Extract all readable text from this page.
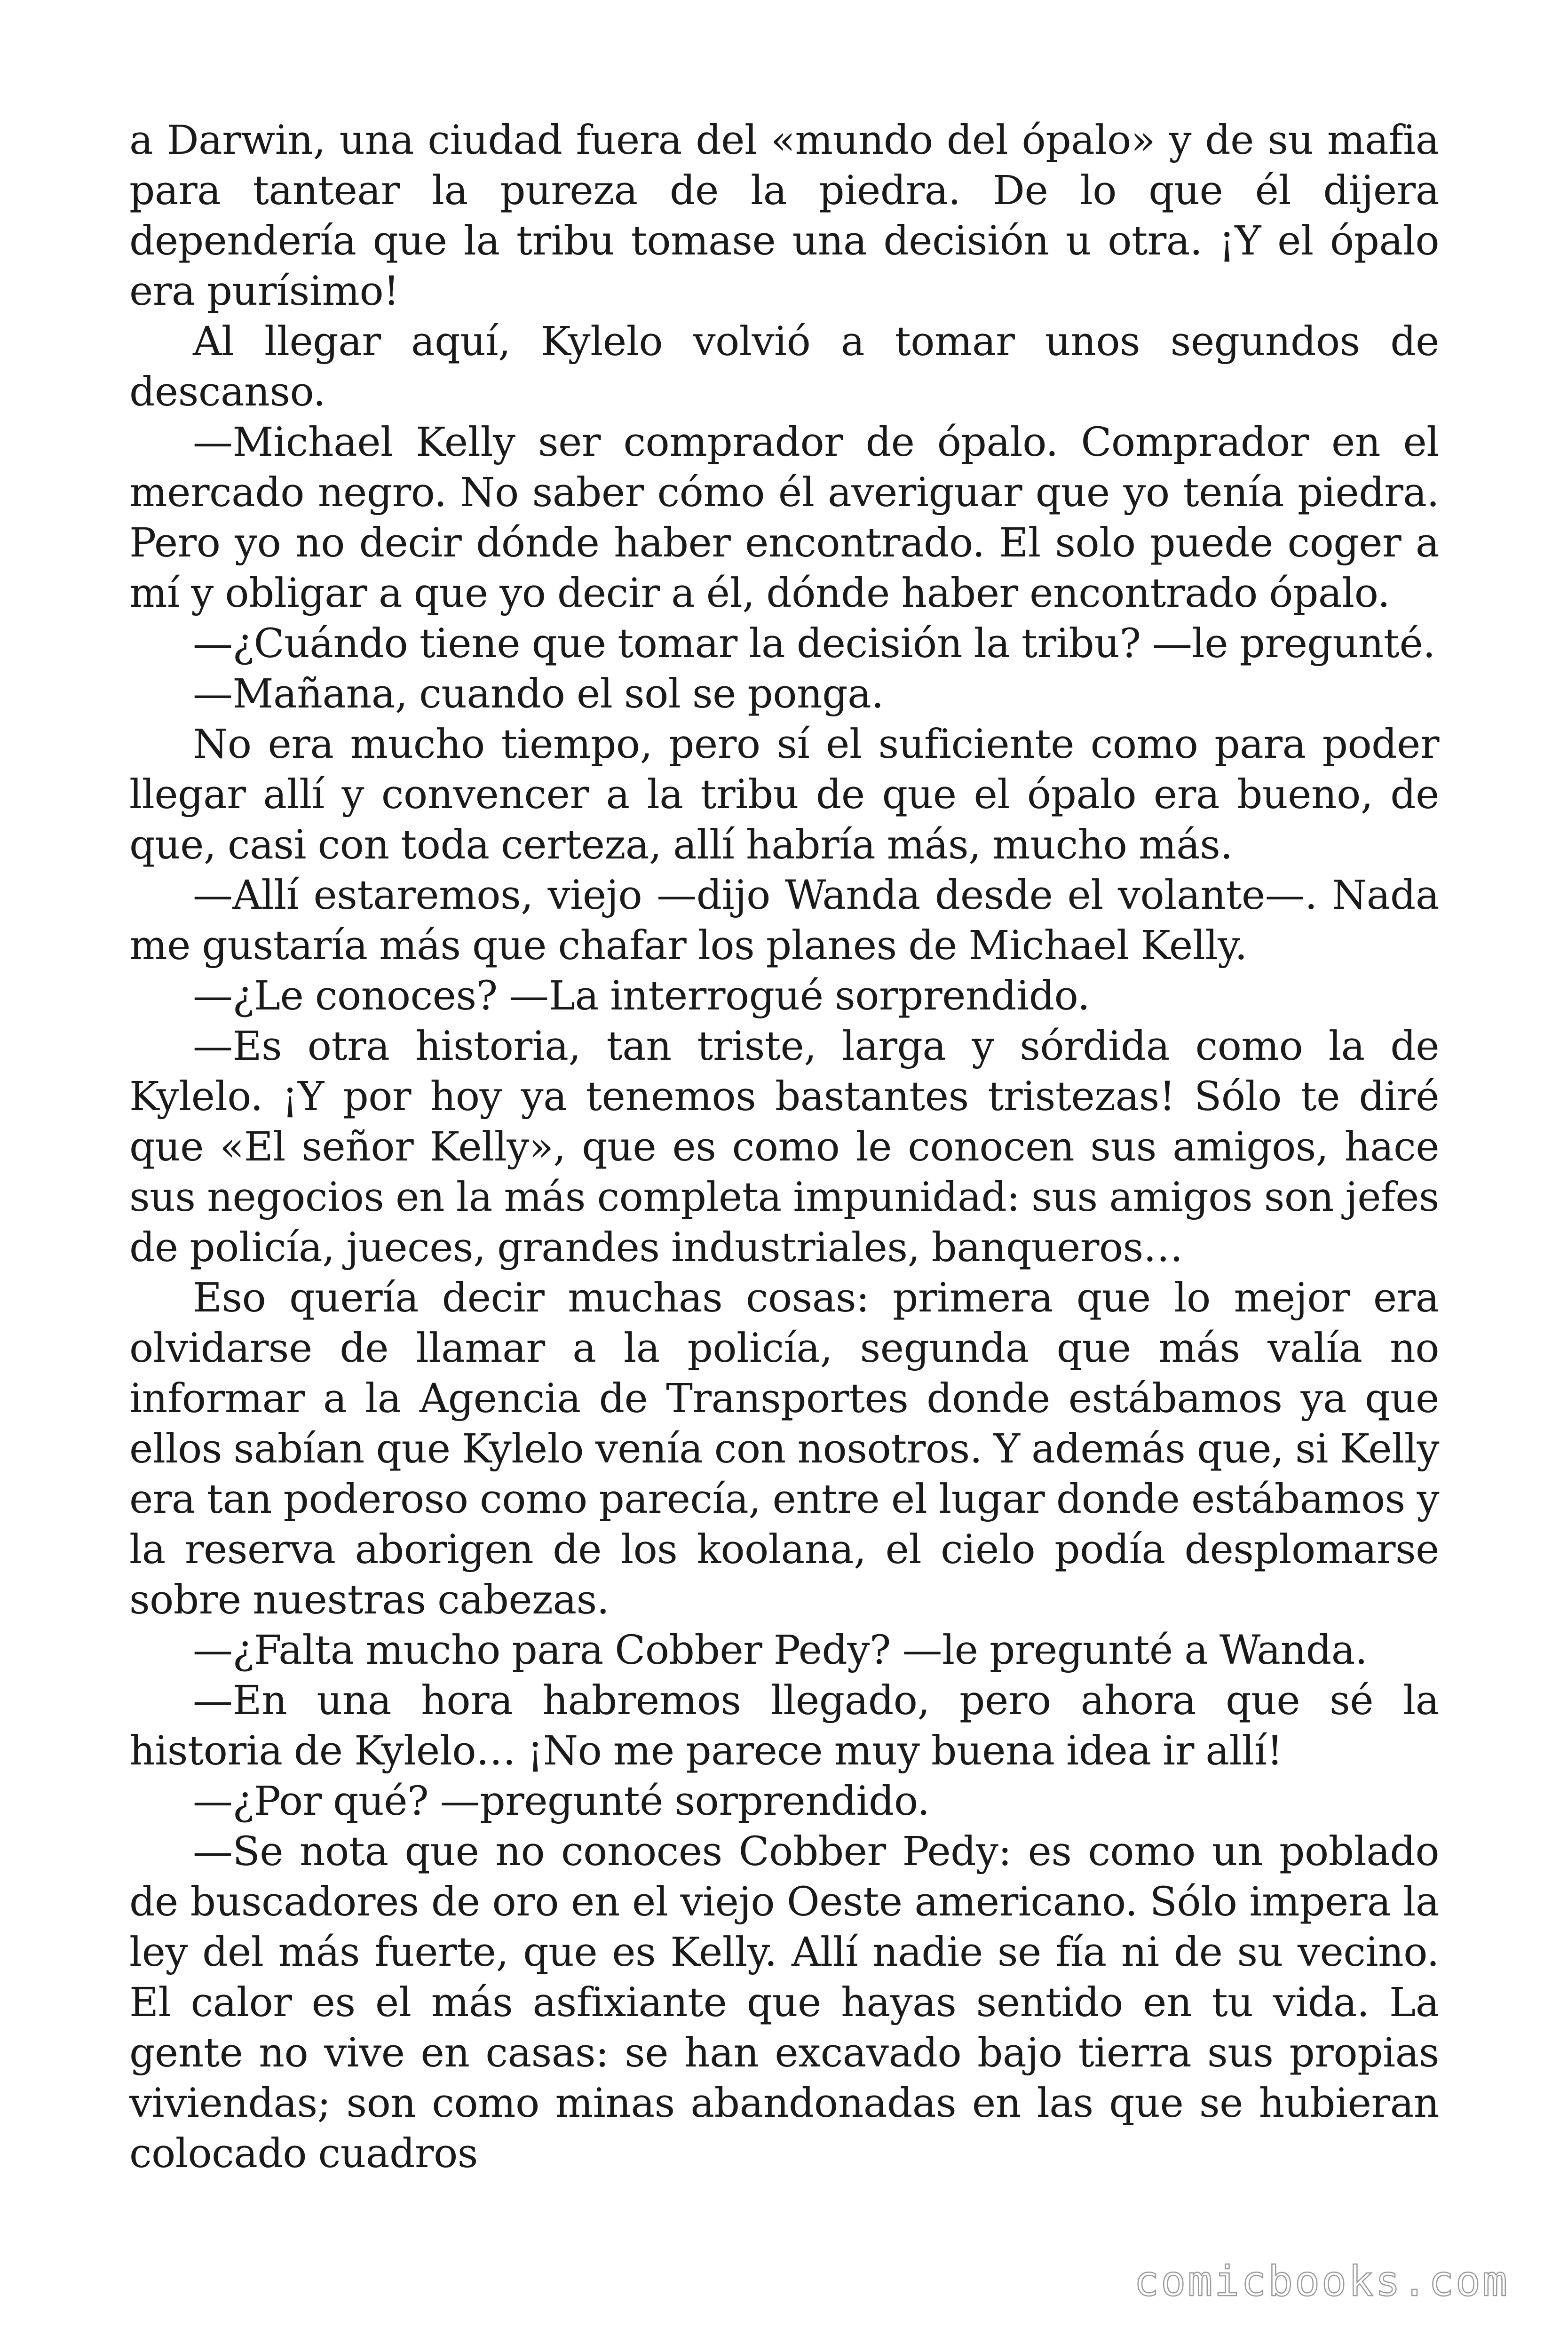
a Darwin, una ciudad fuera del «mundo del ópalo» y de su mafia para tantear la pureza de la piedra. De lo que él dijera dependería que la tribu tomase una decisión u otra. ¡Y el ópalo era purísimo!

Al llegar aquí, Kylelo volvió a tomar unos segundos de descanso.

—Michael Kelly ser comprador de ópalo. Comprador en el mercado negro. No saber cómo él averiguar que yo tenía piedra. Pero yo no decir dónde haber encontrado. El solo puede coger a mí y obligar a que yo decir a él, dónde haber encontrado ópalo.

—¿Cuándo tiene que tomar la decisión la tribu? —le pregunté.

—Mañana, cuando el sol se ponga.

No era mucho tiempo, pero sí el suficiente como para poder llegar allí y convencer a la tribu de que el ópalo era bueno, de que, casi con toda certeza, allí habría más, mucho más.

—Allí estaremos, viejo —dijo Wanda desde el volante—. Nada me gustaría más que chafar los planes de Michael Kelly.

—¿Le conoces? —La interrogué sorprendido.

—Es otra historia, tan triste, larga y sórdida como la de Kylelo. ¡Y por hoy ya tenemos bastantes tristezas! Sólo te diré que «El señor Kelly», que es como le conocen sus amigos, hace sus negocios en la más completa impunidad: sus amigos son jefes de policía, jueces, grandes industriales, banqueros…

Eso quería decir muchas cosas: primera que lo mejor era olvidarse de llamar a la policía, segunda que más valía no informar a la Agencia de Transportes donde estábamos ya que ellos sabían que Kylelo venía con nosotros. Y además que, si Kelly era tan poderoso como parecía, entre el lugar donde estábamos y la reserva aborigen de los koolana, el cielo podía desplomarse sobre nuestras cabezas.

—¿Falta mucho para Cobber Pedy? —le pregunté a Wanda.

—En una hora habremos llegado, pero ahora que sé la historia de Kylelo… ¡No me parece muy buena idea ir allí!

—¿Por qué? —pregunté sorprendido.

—Se nota que no conoces Cobber Pedy: es como un poblado de buscadores de oro en el viejo Oeste americano. Sólo impera la ley del más fuerte, que es Kelly. Allí nadie se fía ni de su vecino. El calor es el más asfixiante que hayas sentido en tu vida. La gente no vive en casas: se han excavado bajo tierra sus propias viviendas; son como minas abandonadas en las que se hubieran colocado cuadros

comicbooks.com
